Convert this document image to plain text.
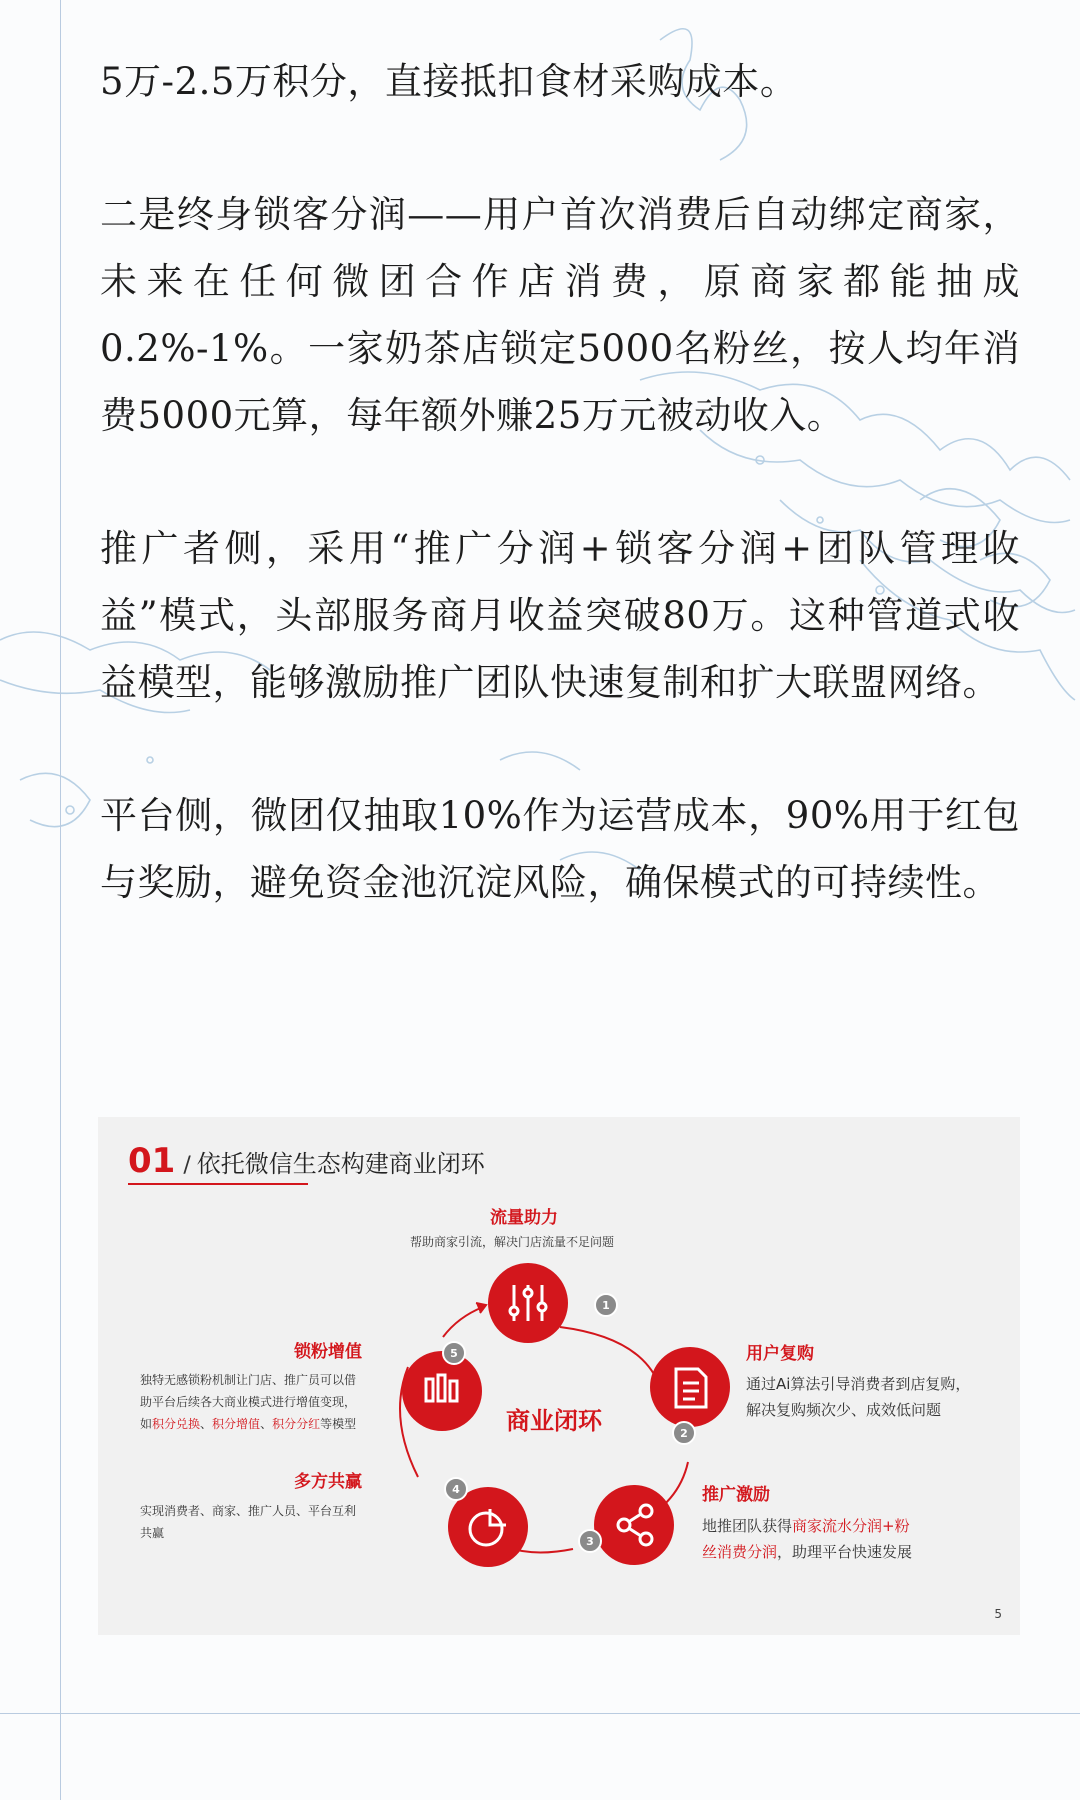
5万-2.5万积分，直接抵扣食材采购成本。

二是终身锁客分润——用户首次消费后自动绑定商家，未来在任何微团合作店消费，原商家都能抽成0.2%-1%。一家奶茶店锁定5000名粉丝，按人均年消费5000元算，每年额外赚25万元被动收入。

推广者侧，采用“推广分润+锁客分润+团队管理收益”模式，头部服务商月收益突破80万。这种管道式收益模型，能够激励推广团队快速复制和扩大联盟网络。

平台侧，微团仅抽取10%作为运营成本，90%用于红包与奖励，避免资金池沉淀风险，确保模式的可持续性。

01 / 依托微信生态构建商业闭环
1
2
3
4
5
商业闭环
流量助力
帮助商家引流，解决门店流量不足问题
用户复购
通过Ai算法引导消费者到店复购，
解决复购频次少、成效低问题
推广激励
地推团队获得商家流水分润+粉
丝消费分润，助理平台快速发展
多方共赢
实现消费者、商家、推广人员、平台互利
共赢
锁粉增值
独特无感锁粉机制让门店、推广员可以借
助平台后续各大商业模式进行增值变现，
如积分兑换、积分增值、积分分红等模型
5
